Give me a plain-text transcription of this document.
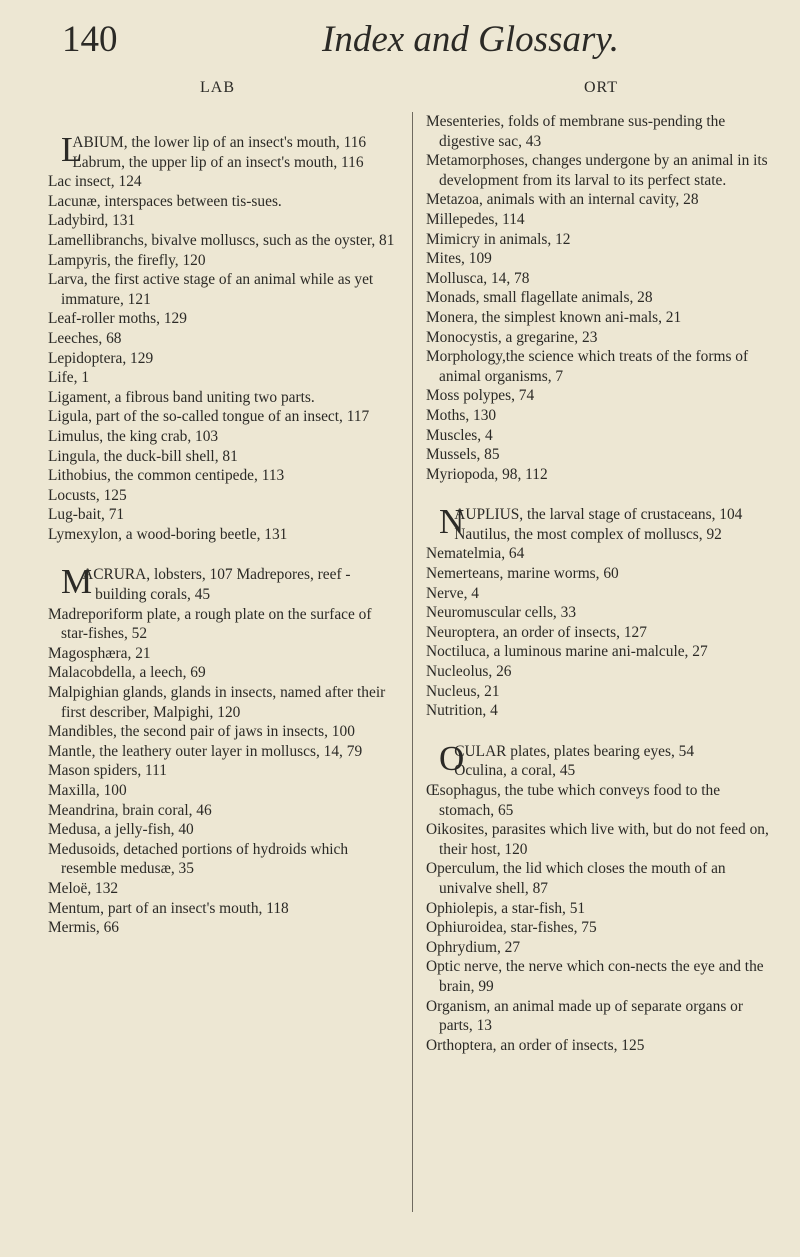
140	Index and Glossary.
LAB	ORT
L
ABIUM, the lower lip of an insect's mouth, 116
Labrum, the upper lip of an insect's mouth, 116
Lac insect, 124
Lacunæ, interspaces between tis-sues.
Ladybird, 131
Lamellibranchs, bivalve molluscs, such as the oyster, 81
Lampyris, the firefly, 120
Larva, the first active stage of an animal while as yet immature, 121
Leaf-roller moths, 129
Leeches, 68
Lepidoptera, 129
Life, 1
Ligament, a fibrous band uniting two parts.
Ligula, part of the so-called tongue of an insect, 117
Limulus, the king crab, 103
Lingula, the duck-bill shell, 81
Lithobius, the common centipede, 113
Locusts, 125
Lug-bait, 71
Lymexylon, a wood-boring beetle, 131
M
ACRURA, lobsters, 107 Madrepores, reef - building corals, 45
Madreporiform plate, a rough plate on the surface of star-fishes, 52
Magosphæra, 21
Malacobdella, a leech, 69
Malpighian glands, glands in insects, named after their first describer, Malpighi, 120
Mandibles, the second pair of jaws in insects, 100
Mantle, the leathery outer layer in molluscs, 14, 79
Mason spiders, 111
Maxilla, 100
Meandrina, brain coral, 46
Medusa, a jelly-fish, 40
Medusoids, detached portions of hydroids which resemble medusæ, 35
Meloë, 132
Mentum, part of an insect's mouth, 118
Mermis, 66
Mesenteries, folds of membrane sus-pending the digestive sac, 43
Metamorphoses, changes undergone by an animal in its development from its larval to its perfect state.
Metazoa, animals with an internal cavity, 28
Millepedes, 114
Mimicry in animals, 12
Mites, 109
Mollusca, 14, 78
Monads, small flagellate animals, 28
Monera, the simplest known ani-mals, 21
Monocystis, a gregarine, 23
Morphology,the science which treats of the forms of animal organisms, 7
Moss polypes, 74
Moths, 130
Muscles, 4
Mussels, 85
Myriopoda, 98, 112
N
AUPLIUS, the larval stage of crustaceans, 104
Nautilus, the most complex of molluscs, 92
Nematelmia, 64
Nemerteans, marine worms, 60
Nerve, 4
Neuromuscular cells, 33
Neuroptera, an order of insects, 127
Noctiluca, a luminous marine ani-malcule, 27
Nucleolus, 26
Nucleus, 21
Nutrition, 4
O
CULAR plates, plates bearing eyes, 54
Oculina, a coral, 45
Œsophagus, the tube which conveys food to the stomach, 65
Oikosites, parasites which live with, but do not feed on, their host, 120
Operculum, the lid which closes the mouth of an univalve shell, 87
Ophiolepis, a star-fish, 51
Ophiuroidea, star-fishes, 75
Ophrydium, 27
Optic nerve, the nerve which con-nects the eye and the brain, 99
Organism, an animal made up of separate organs or parts, 13
Orthoptera, an order of insects, 125
